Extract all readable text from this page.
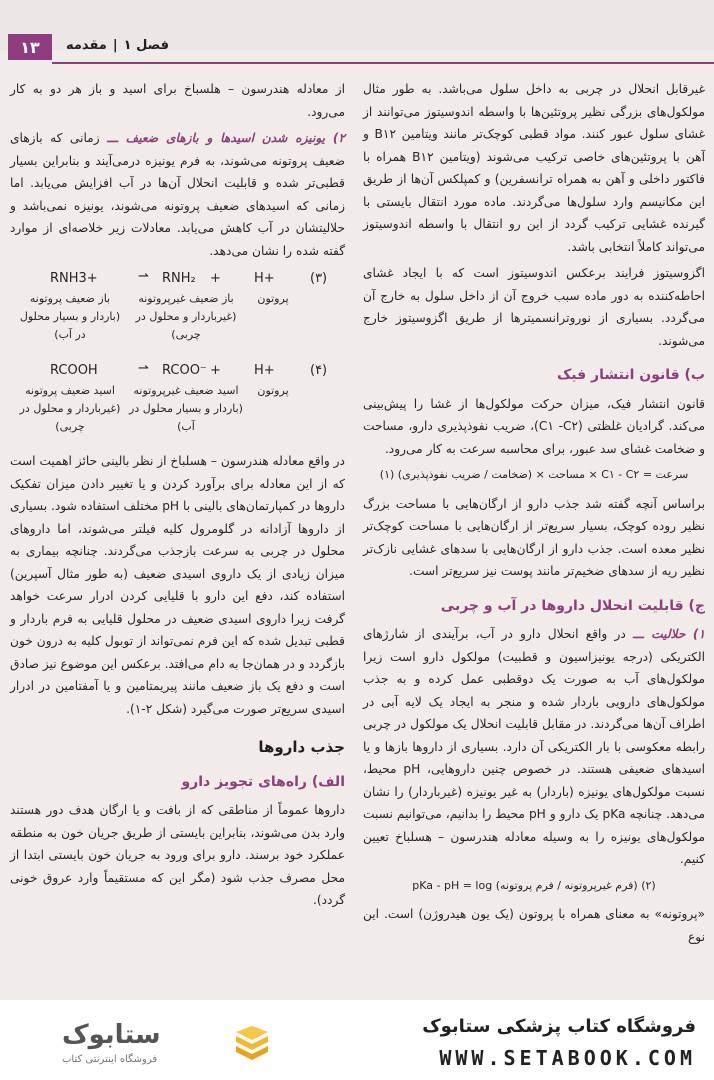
۱۳	فصل ۱|مقدمه

از معادله هندرسون – هلسباخ برای اسید و باز هر دو به کار می‌رود.

۲) یونیزه شدن اسیدها و بازهای ضعیف ـــ زمانی که بازهای ضعیف پروتونه می‌شوند، به فرم یونیزه درمی‌آیند و بنابراین بسیار قطبی‌تر شده و قابلیت انحلال آن‌ها در آب افزایش می‌یابد. اما زمانی که اسیدهای ضعیف پروتونه می‌شوند، یونیزه نمی‌باشد و حلالیتشان در آب کاهش می‌یابد. معادلات زیر خلاصه‌ای از موارد گفته شده را نشان می‌دهد.

(۳)
H+
+
RNH₂
⇀
RNH3+
پروتون
باز ضعیف غیرپروتونه (غیرباردار و محلول در چربی)
باز ضعیف پروتونه (باردار و بسیار محلول در آب)
(۴)
H+
+
RCOO⁻
⇀
RCOOH
پروتون
اسید ضعیف غیرپروتونه (باردار و بسیار محلول در آب)
اسید ضعیف پروتونه (غیرباردار و محلول در چربی)

در واقع معادله هندرسون – هسلباخ از نظر بالینی حائز اهمیت است که از این معادله برای برآورد کردن و یا تغییر دادن میزان تفکیک داروها در کمپارتمان‌های بالینی با pH مختلف استفاده شود. بسیاری از داروها آزادانه در گلومرول کلیه فیلتر می‌شوند، اما داروهای محلول در چربی به سرعت بازجذب می‌گردند. چنانچه بیماری به میزان زیادی از یک داروی اسیدی ضعیف (به طور مثال آسپرین) استفاده کند، دفع این دارو با قلیایی کردن ادرار سرعت خواهد گرفت زیرا داروی اسیدی ضعیف در محلول قلیایی به فرم باردار و قطبی تبدیل شده که این فرم نمی‌تواند از توبول کلیه به درون خون بازگردد و در همان‌جا به دام می‌افتد. برعکس این موضوع نیز صادق است و دفع یک باز ضعیف مانند پیریمتامین و یا آمفتامین در ادرار اسیدی سریع‌تر صورت می‌گیرد (شکل ۲-۱).

جذب داروها
الف) راه‌های تجویز دارو

داروها عموماً از مناطقی که از بافت و یا ارگان هدف دور هستند وارد بدن می‌شوند، بنابراین بایستی از طریق جریان خون به منطقه عملکرد خود برسند. دارو برای ورود به جریان خون بایستی ابتدا از محل مصرف جذب شود (مگر این که مستقیماً وارد عروق خونی گردد).

غیرقابل انحلال در چربی به داخل سلول می‌باشد. به طور مثال مولکول‌های بزرگی نظیر پروتئین‌ها با واسطه اندوسیتوز می‌توانند از غشای سلول عبور کنند. مواد قطبی کوچک‌تر مانند ویتامین B۱۲ و آهن با پروتئین‌های خاصی ترکیب می‌شوند (ویتامین B۱۲ همراه با فاکتور داخلی و آهن به همراه ترانسفرین) و کمپلکس آن‌ها از طریق این مکانیسم وارد سلول‌ها می‌گردند. ماده مورد انتقال بایستی با گیرنده غشایی ترکیب گردد از این رو انتقال با واسطه اندوسیتوز می‌تواند کاملاً انتخابی باشد.

اگزوسیتوز فرایند برعکس اندوسیتوز است که با ایجاد غشای احاطه‌کننده به دور ماده سبب خروج آن از داخل سلول به خارج آن می‌گردد. بسیاری از نوروترانسمیترها از طریق اگزوسیتوز خارج می‌شوند.

ب) قانون انتشار فیک

قانون انتشار فیک، میزان حرکت مولکول‌ها از غشا را پیش‌بینی می‌کند. گرادیان غلظتی (C۱ -C۲)، ضریب نفوذپذیری دارو، مساحت و ضخامت غشای سد عبور، برای محاسبه سرعت به کار می‌رود.

(۱) مساحت × (ضخامت / ضریب نفوذپذیری) × C۱ - C۲ = سرعت

براساس آنچه گفته شد جذب دارو از ارگان‌هایی با مساحت بزرگ نظیر روده کوچک، بسیار سریع‌تر از ارگان‌هایی با مساحت کوچک‌تر نظیر معده است. جذب دارو از ارگان‌هایی با سدهای غشایی نازک‌تر نظیر ریه از سدهای ضخیم‌تر مانند پوست نیز سریع‌تر است.

ج) قابلیت انحلال داروها در آب و چربی

۱) حلالیت ـــ در واقع انحلال دارو در آب، برآیندی از شارژهای الکتریکی (درجه یونیزاسیون و قطبیت) مولکول دارو است زیرا مولکول‌های آب به صورت یک دوقطبی عمل کرده و به جذب مولکول‌های دارویی باردار شده و منجر به ایجاد یک لایه آبی در اطراف آن‌ها می‌گردند. در مقابل قابلیت انحلال یک مولکول در چربی رابطه معکوسی با بار الکتریکی آن دارد. بسیاری از داروها بازها و یا اسیدهای ضعیفی هستند. در خصوص چنین داروهایی، pH محیط، نسبت مولکول‌های یونیزه (باردار) به غیر یونیزه (غیرباردار) را نشان می‌دهد. چنانچه pKa یک دارو و pH محیط را بدانیم، می‌توانیم نسبت مولکول‌های یونیزه را به وسیله معادله هندرسون – هسلباخ تعیین کنیم.

pKa - pH = log (فرم غیرپروتونه / فرم پروتونه) (۲)

«پروتونه» به معنای همراه با پروتون (یک یون هیدروژن) است. این نوع

ستابوک
فروشگاه اینترنتی کتاب
فروشگاه کتاب پزشکی ستابوک
WWW.SETABOOK.COM
